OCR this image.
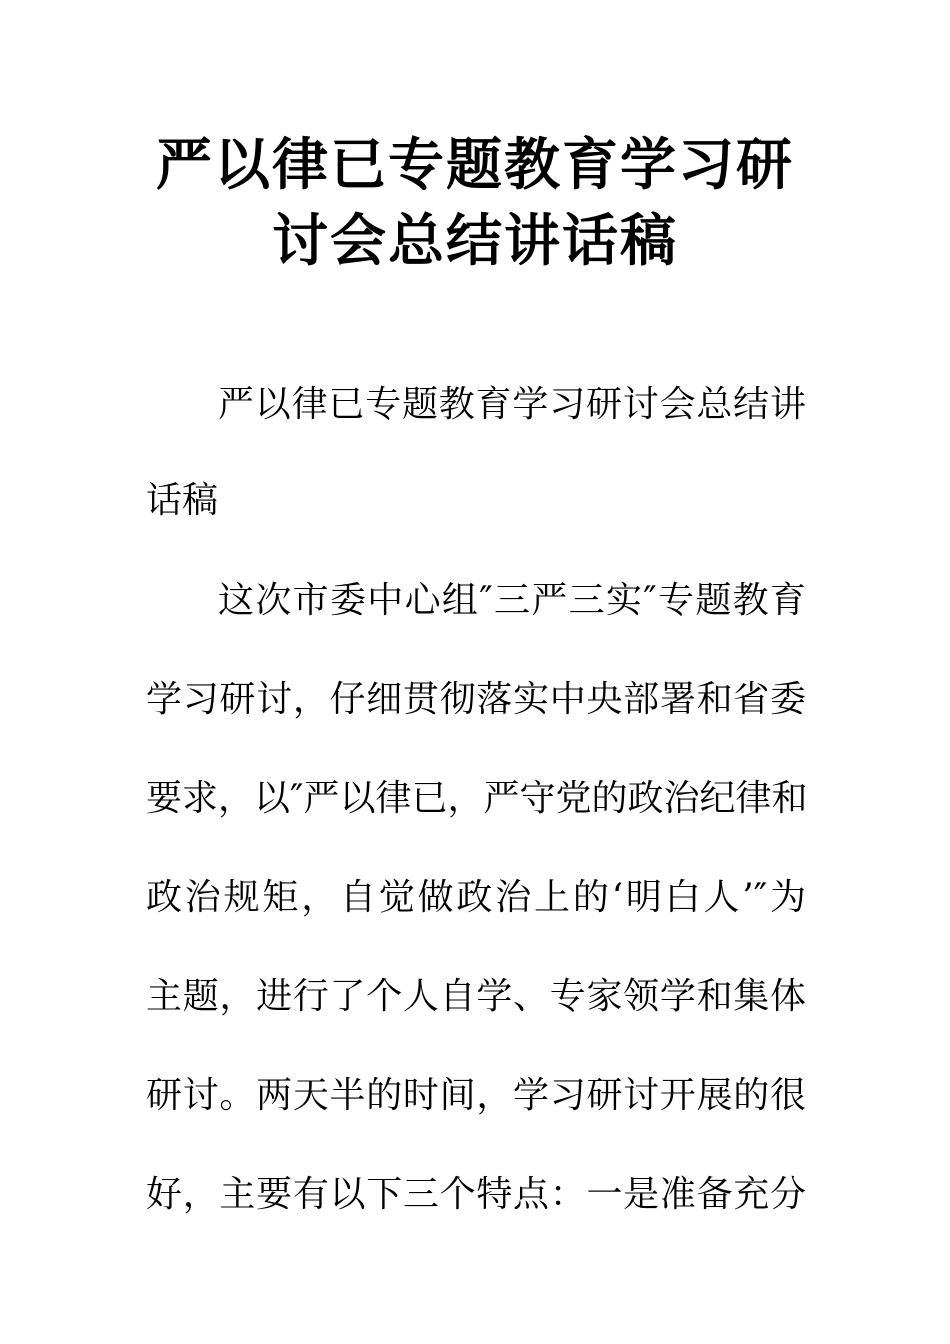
严以律已专题教育学习研
讨会总结讲话稿
严以律已专题教育学习研讨会总结讲
话稿
这次市委中心组″三严三实″专题教育
学习研讨，仔细贯彻落实中央部署和省委
要求，以″严以律已，严守党的政治纪律和
政治规矩，自觉做政治上的‘明白人’″为
主题，进行了个人自学、专家领学和集体
研讨。两天半的时间，学习研讨开展的很
好，主要有以下三个特点：一是准备充分
